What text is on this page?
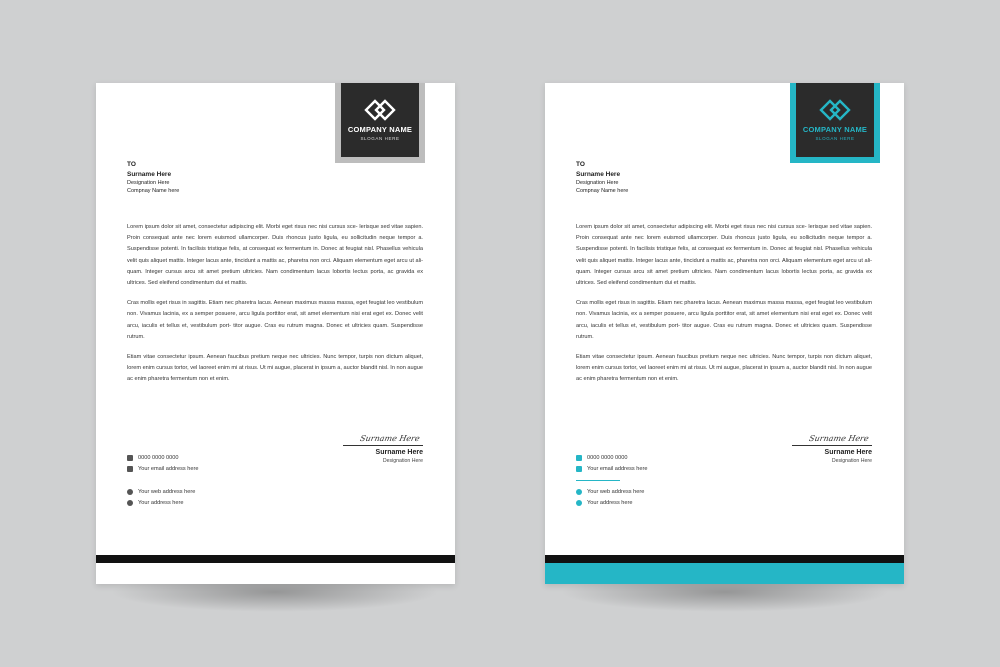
COMPANY NAME
SLOGAN HERE
TO
Surname Here
Designation Here
Compnay Name here

Lorem ipsum dolor sit amet, consectetur adipiscing elit. Morbi eget risus nec nisi cursus sce- lerisque sed vitae sapien. Proin consequat ante nec lorem euismod ullamcorper. Duis rhoncus justo ligula, eu sollicitudin neque tempor a. Suspendisse potenti. In facilisis tristique felis, at consequat ex fermentum in. Donec at feugiat nisl. Phasellus vehicula velit quis aliquet mattis. Integer lacus ante, tincidunt a mattis ac, pharetra non orci. Aliquam elementum eget arcu ut ali- quam. Integer cursus arcu sit amet pretium ultricies. Nam condimentum lacus lobortis lectus porta, ac gravida ex ultrices. Sed eleifend condimentum dui et mattis.

Cras mollis eget risus in sagittis. Etiam nec pharetra lacus. Aenean maximus massa massa, eget feugiat leo vestibulum non. Vivamus lacinia, ex a semper posuere, arcu ligula porttitor erat, sit amet elementum nisi erat eget ex. Donec velit arcu, iaculis et tellus et, vestibulum port- titor augue. Cras eu rutrum magna. Donec et ultricies quam. Suspendisse rutrum.

Etiam vitae consectetur ipsum. Aenean faucibus pretium neque nec ultricies. Nunc tempor, turpis non dictum aliquet, lorem enim cursus tortor, vel laoreet enim mi at risus. Ut mi augue, placerat in ipsum a, auctor blandit nisl. In non augue ac enim pharetra fermentum non et enim.

Surname Here
Surname Here
Designation Here
0000 0000 0000
Your email address here
Your web address here
Your address here
COMPANY NAME
SLOGAN HERE
TO
Surname Here
Designation Here
Compnay Name here

Lorem ipsum dolor sit amet, consectetur adipiscing elit. Morbi eget risus nec nisi cursus sce- lerisque sed vitae sapien. Proin consequat ante nec lorem euismod ullamcorper. Duis rhoncus justo ligula, eu sollicitudin neque tempor a. Suspendisse potenti. In facilisis tristique felis, at consequat ex fermentum in. Donec at feugiat nisl. Phasellus vehicula velit quis aliquet mattis. Integer lacus ante, tincidunt a mattis ac, pharetra non orci. Aliquam elementum eget arcu ut ali- quam. Integer cursus arcu sit amet pretium ultricies. Nam condimentum lacus lobortis lectus porta, ac gravida ex ultrices. Sed eleifend condimentum dui et mattis.

Cras mollis eget risus in sagittis. Etiam nec pharetra lacus. Aenean maximus massa massa, eget feugiat leo vestibulum non. Vivamus lacinia, ex a semper posuere, arcu ligula porttitor erat, sit amet elementum nisi erat eget ex. Donec velit arcu, iaculis et tellus et, vestibulum port- titor augue. Cras eu rutrum magna. Donec et ultricies quam. Suspendisse rutrum.

Etiam vitae consectetur ipsum. Aenean faucibus pretium neque nec ultricies. Nunc tempor, turpis non dictum aliquet, lorem enim cursus tortor, vel laoreet enim mi at risus. Ut mi augue, placerat in ipsum a, auctor blandit nisl. In non augue ac enim pharetra fermentum non et enim.

Surname Here
Surname Here
Designation Here
0000 0000 0000
Your email address here
Your web address here
Your address here
